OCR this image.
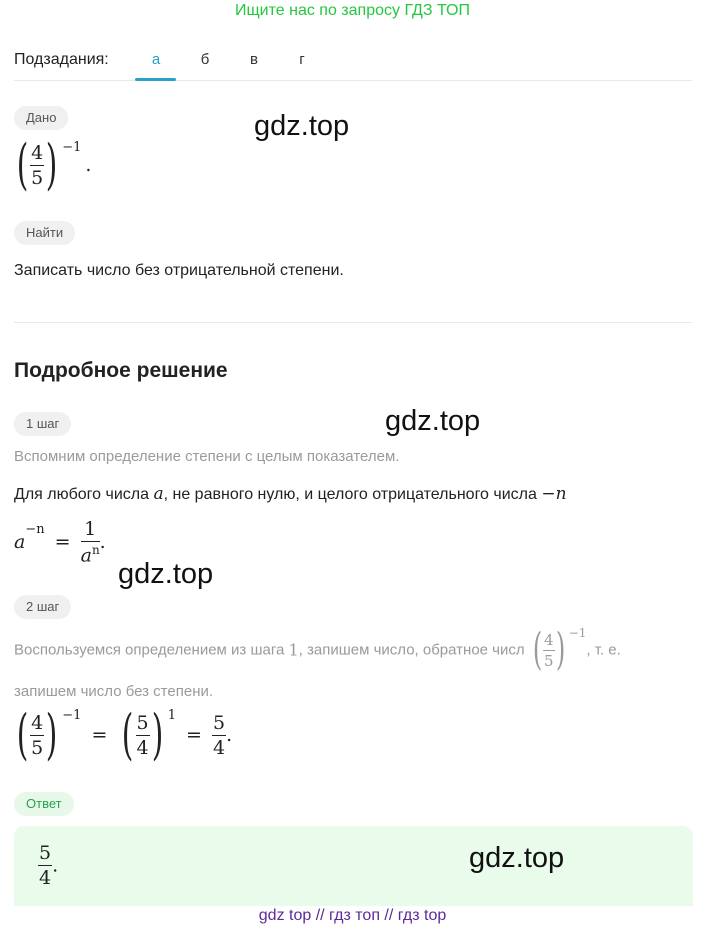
Ищите нас по запросу ГДЗ ТОП
Подзадания:	а	б	в	г
Дано
( $\frac{4}{5}$ ) −1.
gdz.top
Найти
Записать число без отрицательной степени.
Подробное решение
1 шаг	gdz.top
Вспомним определение степени с целым показателем.
Для любого числа a, не равного нулю, и целого отрицательного числа −n
$a-n = \frac{1}{a^n}$ .
gdz.top
2 шаг
Воспользуемся определением из шага 1, запишем число, обратное числ ( $\frac{4}{5}$ ) −1, т. е.
запишем число без степени.
( $\frac{4}{5}$ ) −1 = ( $\frac{5}{4}$ ) $1 = \frac{5}{4}$ .
Ответ
$\frac{5}{4}$ .	gdz.top
gdz top // гдз топ // гдз top
